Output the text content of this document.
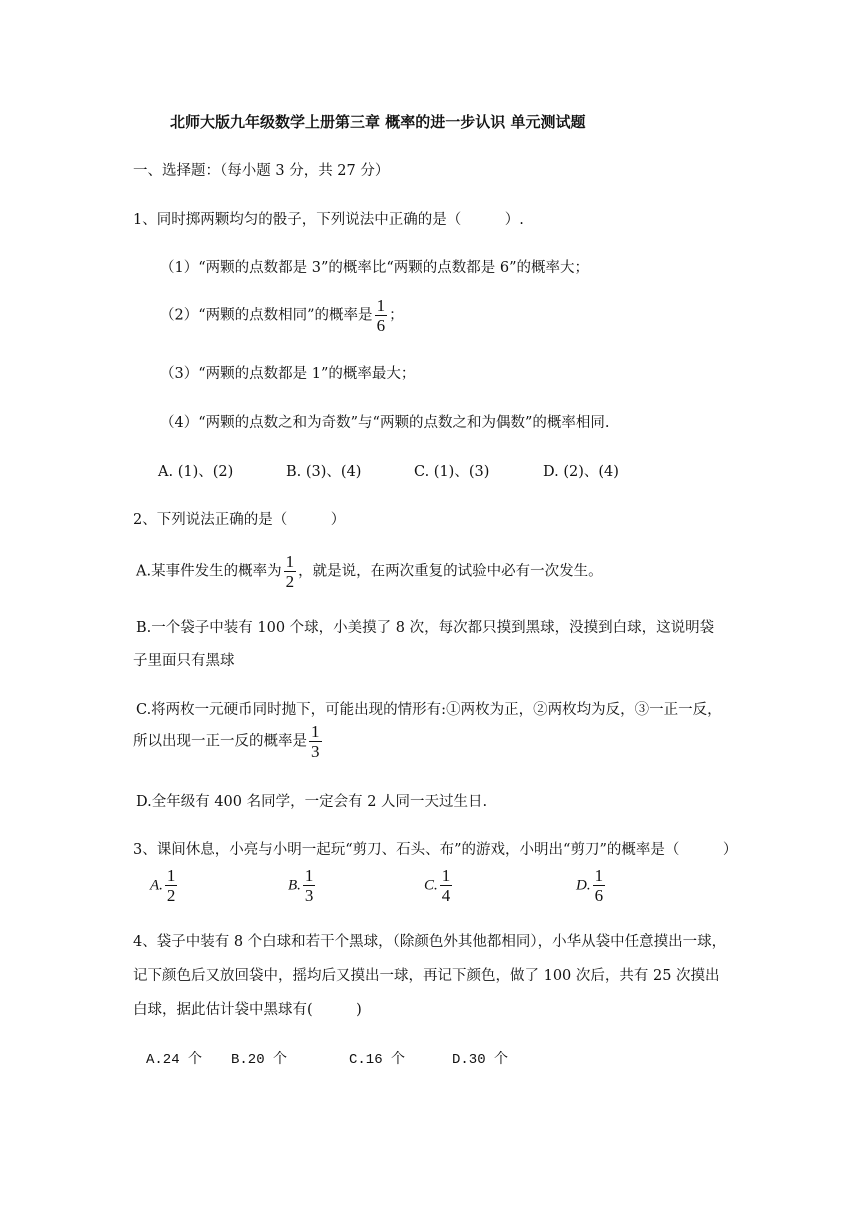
北师大版九年级数学上册第三章 概率的进一步认识 单元测试题
一、选择题：（每小题 3 分，共 27 分）
1、同时掷两颗均匀的骰子，下列说法中正确的是（　　　）.
（1）“两颗的点数都是 3”的概率比“两颗的点数都是 6”的概率大；
（2）“两颗的点数相同”的概率是 $\frac{1}{6}$ ；
（3）“两颗的点数都是 1”的概率最大；
（4）“两颗的点数之和为奇数”与“两颗的点数之和为偶数”的概率相同.
A. (1)、(2)	B. (3)、(4)	C. (1)、(3)	D. (2)、(4)
2、下列说法正确的是（　　　）
A.某事件发生的概率为 $\frac{1}{2}$ ，就是说，在两次重复的试验中必有一次发生。
B.一个袋子中装有 100 个球，小美摸了 8 次，每次都只摸到黑球，没摸到白球，这说明袋
子里面只有黑球
C.将两枚一元硬币同时抛下，可能出现的情形有:①两枚为正，②两枚均为反，③一正一反，
所以出现一正一反的概率是 $\frac{1}{3}$
D.全年级有 400 名同学，一定会有 2 人同一天过生日.
3、课间休息，小亮与小明一起玩“剪刀、石头、布”的游戏，小明出“剪刀”的概率是（　　　）
A. $\frac{1}{2}$	B. $\frac{1}{3}$	C. $\frac{1}{4}$	D. $\frac{1}{6}$
4、袋子中装有 8 个白球和若干个黑球，（除颜色外其他都相同），小华从袋中任意摸出一球，
记下颜色后又放回袋中，摇均后又摸出一球，再记下颜色，做了 100 次后，共有 25 次摸出
白球，据此估计袋中黑球有(　　　)
A.24 个 B.20 个	C.16 个	D.30 个
